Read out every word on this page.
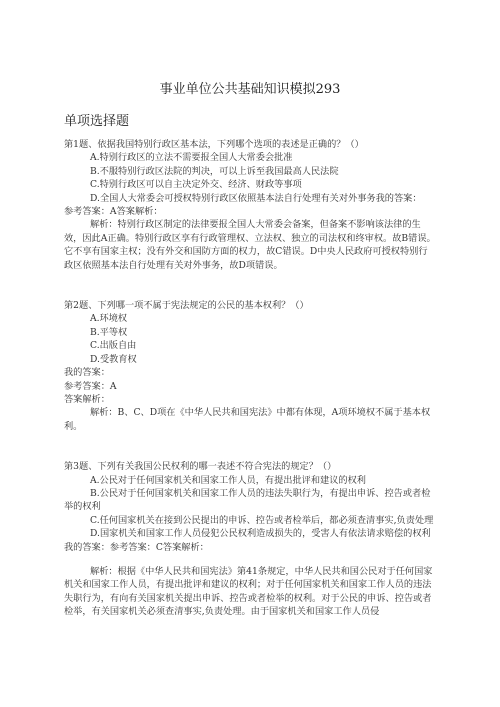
事业单位公共基础知识模拟293
单项选择题

第1题、依据我国特别行政区基本法，下列哪个选项的表述是正确的？（）

A.特别行政区的立法不需要报全国人大常委会批准

B.不服特别行政区法院的判决，可以上诉至我国最高人民法院

C.特别行政区可以自主决定外交、经济、财政等事项

D.全国人大常委会可授权特别行政区依照基本法自行处理有关对外事务我的答案：

参考答案：A答案解析：

解析：特别行政区制定的法律要报全国人大常委会备案，但备案不影响该法律的生效，因此A正确。特别行政区享有行政管理权、立法权、独立的司法权和终审权。故B错误。它不享有国家主权；没有外交和国防方面的权力，故C错误。D中央人民政府可授权特别行政区依照基本法自行处理有关对外事务，故D项错误。

第2题、下列哪一项不属于宪法规定的公民的基本权利？（）

A.环境权

B.平等权

C.出版自由

D.受教育权

我的答案：

参考答案：A

答案解析：

解析：B、C、D项在《中华人民共和国宪法》中都有体现，A项环境权不属于基本权利。

第3题、下列有关我国公民权利的哪一表述不符合宪法的规定？（）

A.公民对于任何国家机关和国家工作人员，有提出批评和建议的权利

B.公民对于任何国家机关和国家工作人员的违法失职行为，有提出申诉、控告或者检举的权利

C.任何国家机关在接到公民提出的申诉、控告或者检举后，都必须查清事实,负责处理

D.国家机关和国家工作人员侵犯公民权利造成损失的，受害人有依法请求赔偿的权利我的答案：参考答案：C答案解析：

解析：根据《中华人民共和国宪法》第41条规定，中华人民共和国公民对于任何国家机关和国家工作人员，有提出批评和建议的权利；对于任何国家机关和国家工作人员的违法失职行为，有向有关国家机关提出申诉、控告或者检举的权利。对于公民的申诉、控告或者检举，有关国家机关必须查清事实,负责处理。由于国家机关和国家工作人员侵
